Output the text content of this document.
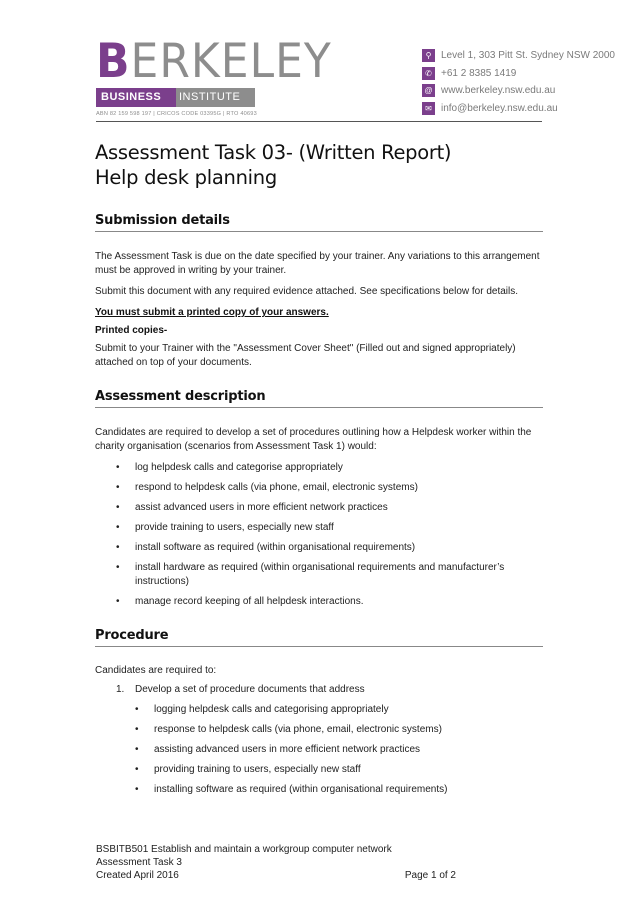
BERKELEY
BUSINESS	INSTITUTE
ABN 82 159 598 197 | CRICOS CODE 03395G | RTO 40693
⚲ Level 1, 303 Pitt St. Sydney NSW 2000
✆ +61 2 8385 1419
@ www.berkeley.nsw.edu.au
✉ info@berkeley.nsw.edu.au
Assessment Task 03- (Written Report)
Help desk planning
Submission details

The Assessment Task is due on the date specified by your trainer. Any variations to this arrangement must be approved in writing by your trainer.

Submit this document with any required evidence attached. See specifications below for details.

You must submit a printed copy of your answers.
Printed copies-

Submit to your Trainer with the "Assessment Cover Sheet" (Filled out and signed appropriately) attached on top of your documents.

Assessment description

Candidates are required to develop a set of procedures outlining how a Helpdesk worker within the charity organisation (scenarios from Assessment Task 1) would:

• log helpdesk calls and categorise appropriately
• respond to helpdesk calls (via phone, email, electronic systems)
• assist advanced users in more efficient network practices
• provide training to users, especially new staff
• install software as required (within organisational requirements)
• install hardware as required (within organisational requirements and manufacturer’s instructions)
• manage record keeping of all helpdesk interactions.
Procedure

Candidates are required to:

1. Develop a set of procedure documents that address
• logging helpdesk calls and categorising appropriately
• response to helpdesk calls (via phone, email, electronic systems)
• assisting advanced users in more efficient network practices
• providing training to users, especially new staff
• installing software as required (within organisational requirements)
BSBITB501 Establish and maintain a workgroup computer network
Assessment Task 3
Created April 2016	Page 1 of 2
